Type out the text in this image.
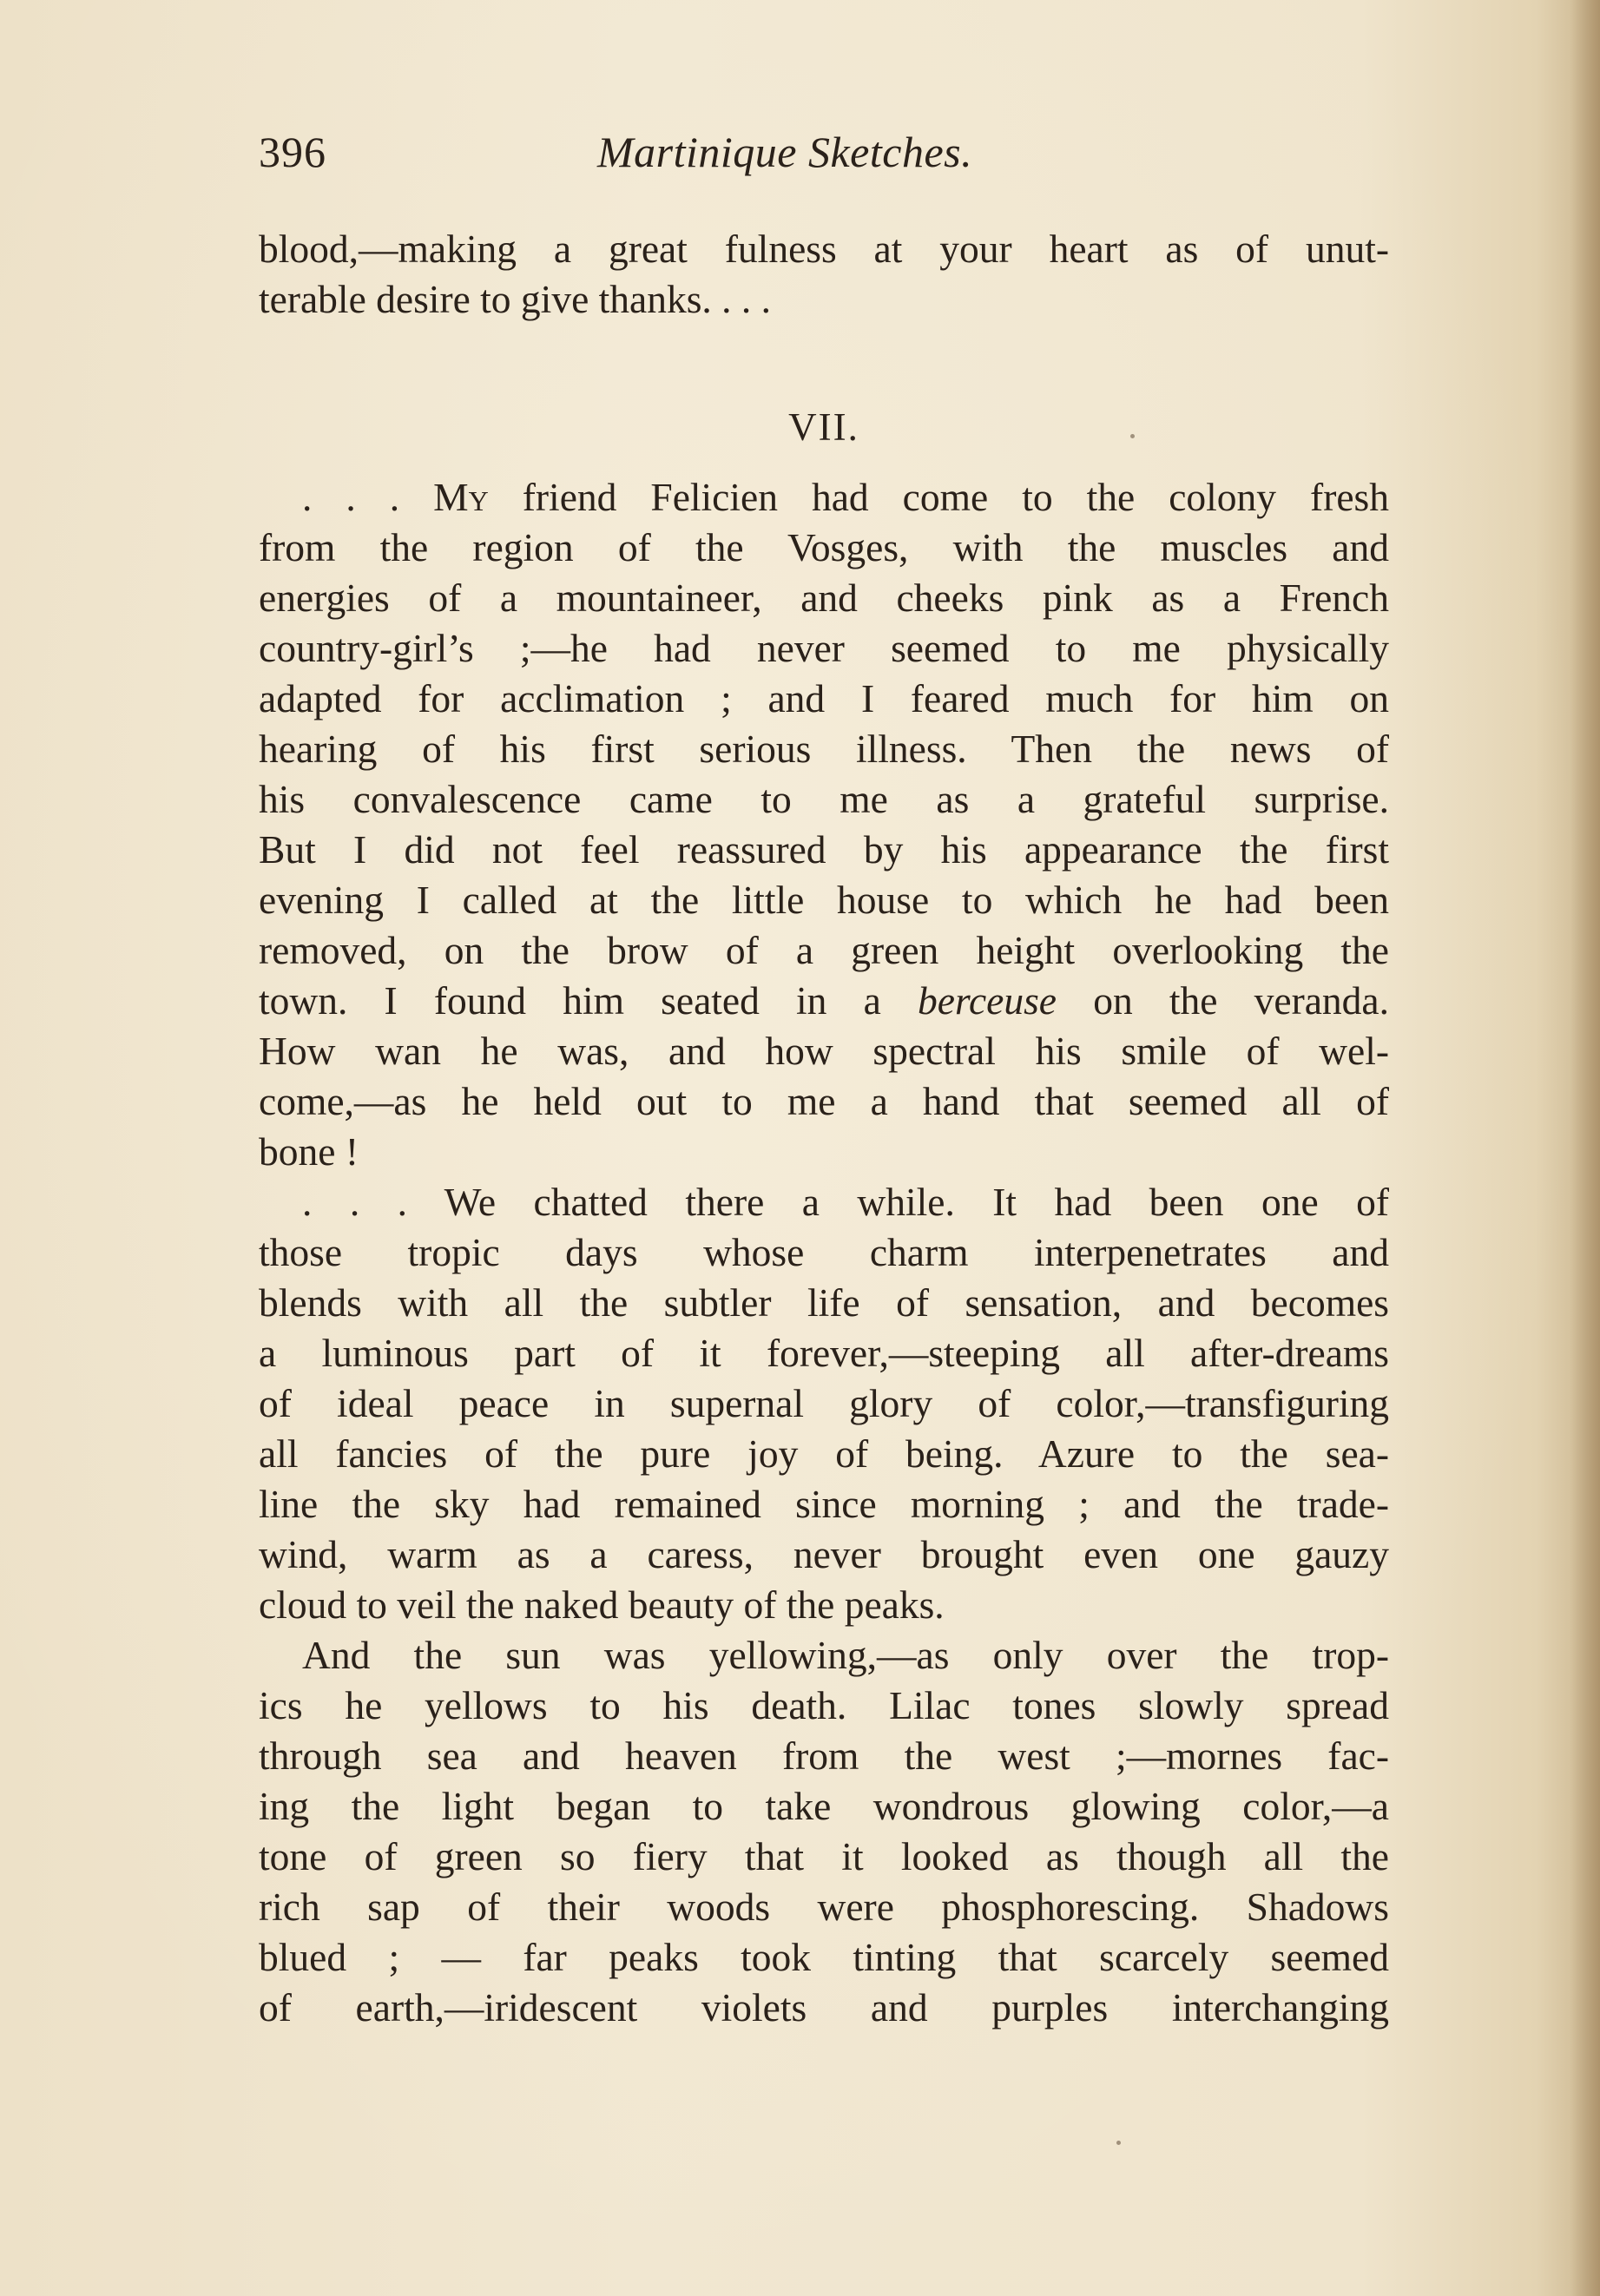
396	Martinique Sketches.
blood,—making a great fulness at your heart as of unut-
terable desire to give thanks. . . .
VII.
. . . My friend Felicien had come to the colony fresh
from the region of the Vosges, with the muscles and
energies of a mountaineer, and cheeks pink as a French
country-girl’s ;—he had never seemed to me physically
adapted for acclimation ; and I feared much for him on
hearing of his first serious illness. Then the news of
his convalescence came to me as a grateful surprise.
But I did not feel reassured by his appearance the first
evening I called at the little house to which he had been
removed, on the brow of a green height overlooking the
town. I found him seated in a berceuse on the veranda.
How wan he was, and how spectral his smile of wel-
come,—as he held out to me a hand that seemed all of
bone !
. . . We chatted there a while. It had been one of
those tropic days whose charm interpenetrates and
blends with all the subtler life of sensation, and becomes
a luminous part of it forever,—steeping all after-dreams
of ideal peace in supernal glory of color,—transfiguring
all fancies of the pure joy of being. Azure to the sea-
line the sky had remained since morning ; and the trade-
wind, warm as a caress, never brought even one gauzy
cloud to veil the naked beauty of the peaks.
And the sun was yellowing,—as only over the trop-
ics he yellows to his death. Lilac tones slowly spread
through sea and heaven from the west ;—mornes fac-
ing the light began to take wondrous glowing color,—a
tone of green so fiery that it looked as though all the
rich sap of their woods were phosphorescing. Shadows
blued ; — far peaks took tinting that scarcely seemed
of earth,—iridescent violets and purples interchanging
